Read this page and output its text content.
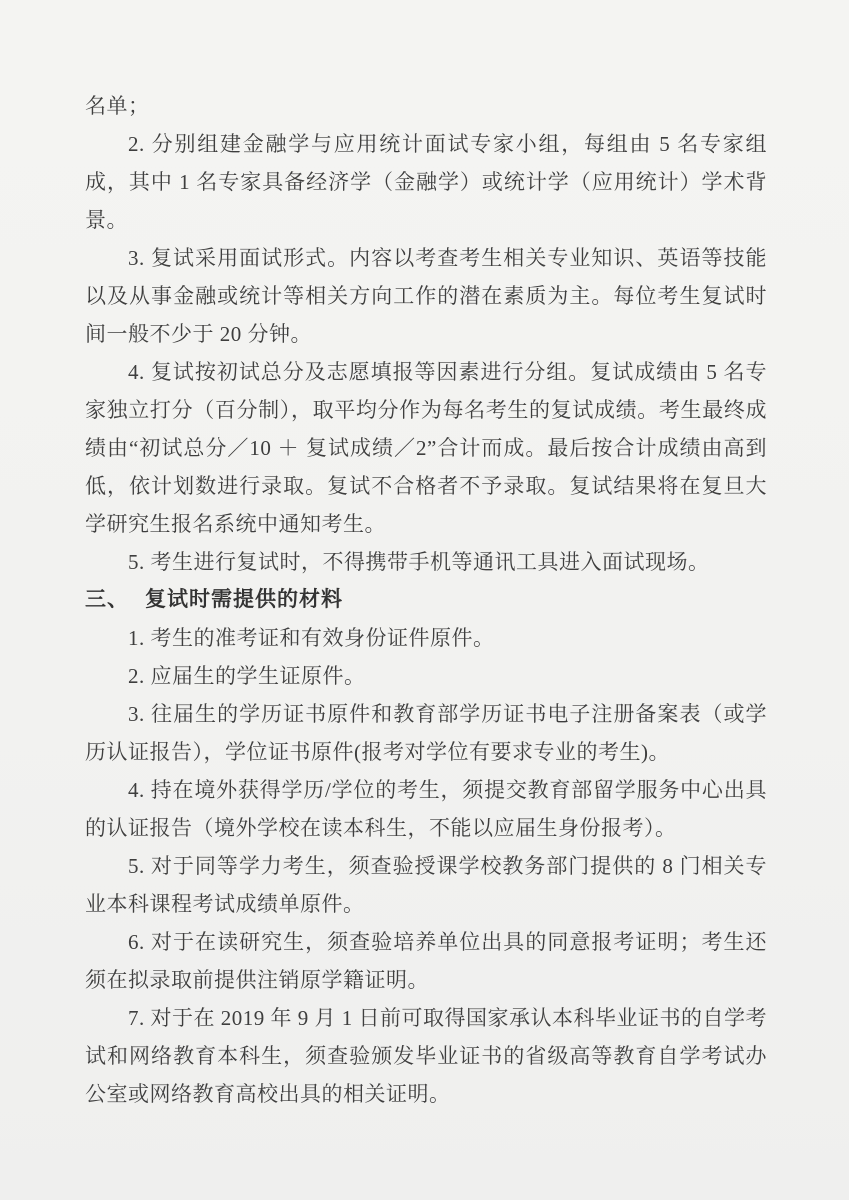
名单；

2. 分别组建金融学与应用统计面试专家小组，每组由 5 名专家组成，其中 1 名专家具备经济学（金融学）或统计学（应用统计）学术背景。

3. 复试采用面试形式。内容以考查考生相关专业知识、英语等技能以及从事金融或统计等相关方向工作的潜在素质为主。每位考生复试时间一般不少于 20 分钟。

4. 复试按初试总分及志愿填报等因素进行分组。复试成绩由 5 名专家独立打分（百分制），取平均分作为每名考生的复试成绩。考生最终成绩由“初试总分／10 ＋ 复试成绩／2”合计而成。最后按合计成绩由高到低，依计划数进行录取。复试不合格者不予录取。复试结果将在复旦大学研究生报名系统中通知考生。

5. 考生进行复试时，不得携带手机等通讯工具进入面试现场。

三、 复试时需提供的材料

1. 考生的准考证和有效身份证件原件。

2. 应届生的学生证原件。

3. 往届生的学历证书原件和教育部学历证书电子注册备案表（或学历认证报告），学位证书原件(报考对学位有要求专业的考生)。

4. 持在境外获得学历/学位的考生，须提交教育部留学服务中心出具的认证报告（境外学校在读本科生，不能以应届生身份报考）。

5. 对于同等学力考生，须查验授课学校教务部门提供的 8 门相关专业本科课程考试成绩单原件。

6. 对于在读研究生，须查验培养单位出具的同意报考证明；考生还须在拟录取前提供注销原学籍证明。

7. 对于在 2019 年 9 月 1 日前可取得国家承认本科毕业证书的自学考试和网络教育本科生，须查验颁发毕业证书的省级高等教育自学考试办公室或网络教育高校出具的相关证明。
